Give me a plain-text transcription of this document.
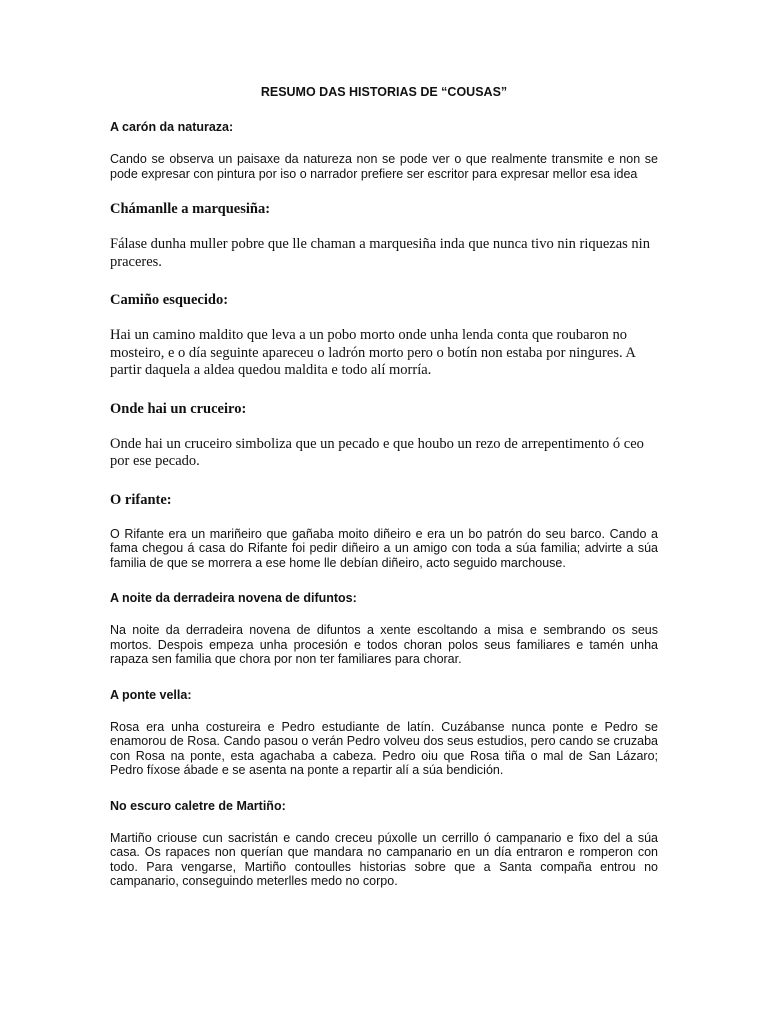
RESUMO DAS HISTORIAS DE “COUSAS”

A carón da naturaza:

Cando se observa un paisaxe da natureza non se pode ver o que realmente transmite e non se pode expresar con pintura por iso o narrador prefiere ser escritor para expresar mellor esa idea

Chámanlle a marquesiña:

Fálase dunha muller pobre que lle chaman a marquesiña inda que nunca tivo nin riquezas nin praceres.

Camiño esquecido:

Hai un camino maldito que leva a un pobo morto onde unha lenda conta que roubaron no mosteiro, e o día seguinte apareceu o ladrón morto pero o botín non estaba por ningures. A partir daquela a aldea quedou maldita e todo alí morría.

Onde hai un cruceiro:

Onde hai un cruceiro simboliza que un pecado e que houbo un rezo de arrepentimento ó ceo por ese pecado.

O rifante:

O Rifante era un mariñeiro que gañaba moito diñeiro e era un bo patrón do seu barco. Cando a fama chegou á casa do Rifante foi pedir diñeiro a un amigo con toda a súa familia; advirte a súa familia de que se morrera a ese home lle debían diñeiro, acto seguido marchouse.

A noite da derradeira novena de difuntos:

Na noite da derradeira novena de difuntos a xente escoltando a misa e sembrando os seus mortos. Despois empeza unha procesión e todos choran polos seus familiares e tamén unha rapaza sen familia que chora por non ter familiares para chorar.

A ponte vella:

Rosa era unha costureira e Pedro estudiante de latín. Cuzábanse nunca ponte e Pedro se enamorou de Rosa. Cando pasou o verán Pedro volveu dos seus estudios, pero cando se cruzaba con Rosa na ponte, esta agachaba a cabeza. Pedro oiu que Rosa tiña o mal de San Lázaro; Pedro fíxose ábade e se asenta na ponte a repartir alí a súa bendición.

No escuro caletre de Martiño:

Martiño criouse cun sacristán e cando creceu púxolle un cerrillo ó campanario e fixo del a súa casa. Os rapaces non querían que mandara no campanario en un día entraron e romperon con todo. Para vengarse, Martiño contoulles historias sobre que a Santa compaña entrou no campanario, conseguindo meterlles medo no corpo.
